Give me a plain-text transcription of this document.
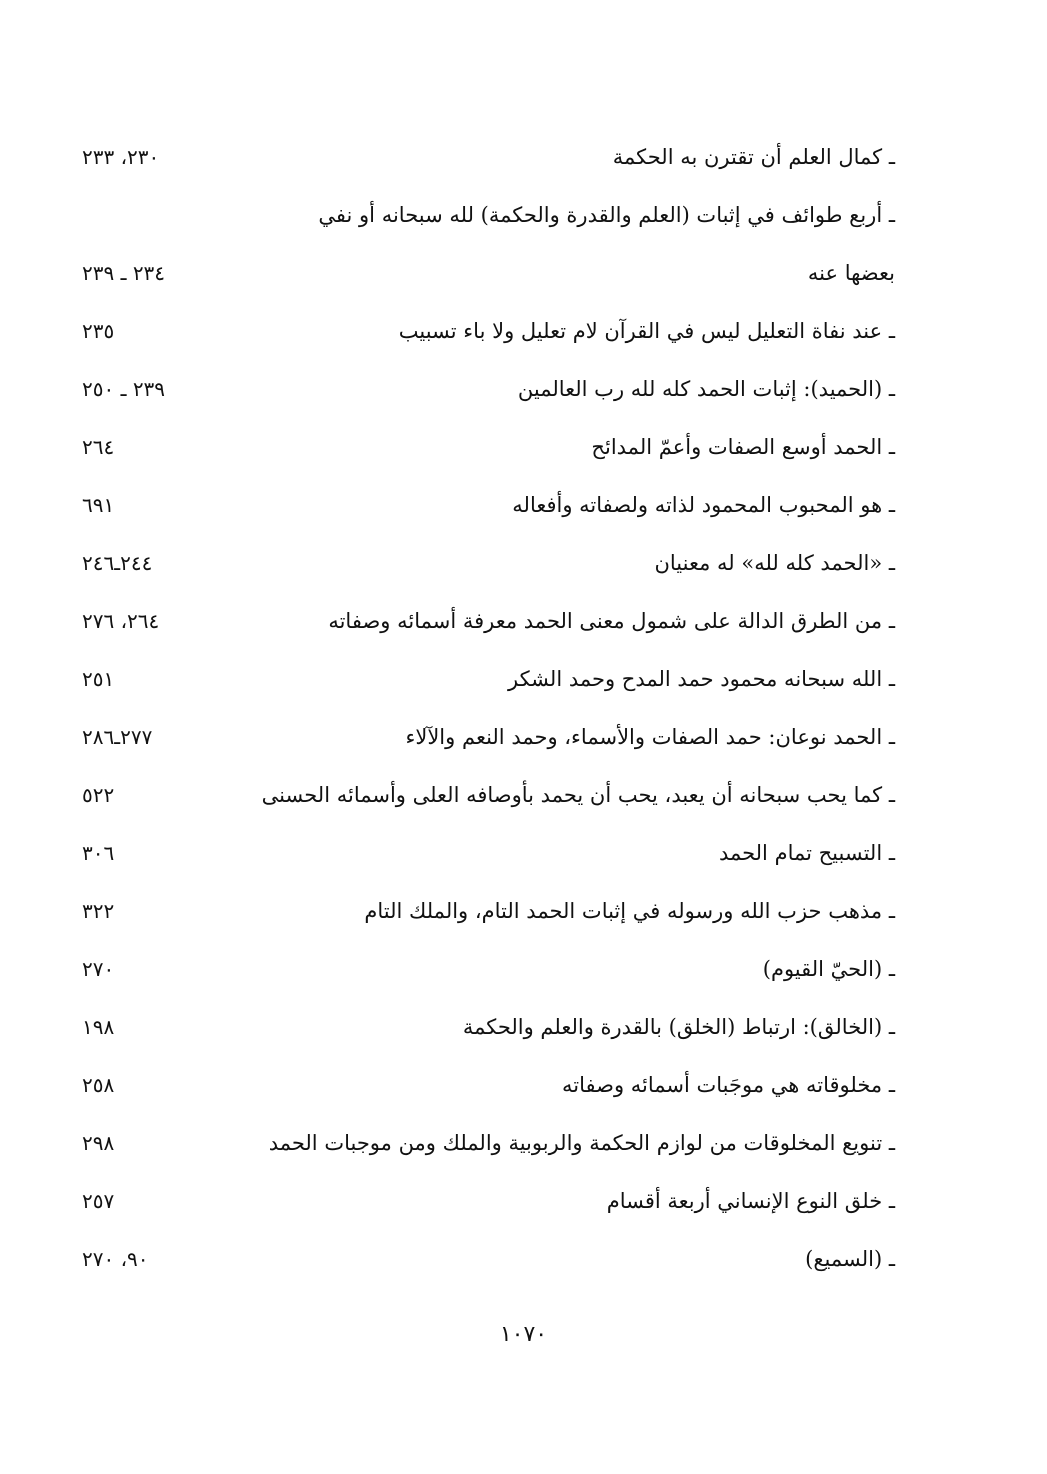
ـ كمال العلم أن تقترن به الحكمة
٢٣٠، ٢٣٣
ـ أربع طوائف في إثبات (العلم والقدرة والحكمة) لله سبحانه أو نفي
بعضها عنه
٢٣٤ ـ ٢٣٩
ـ عند نفاة التعليل ليس في القرآن لام تعليل ولا باء تسبيب
٢٣٥
ـ (الحميد): إثبات الحمد كله لله رب العالمين
٢٣٩ ـ ٢٥٠
ـ الحمد أوسع الصفات وأعمّ المدائح
٢٦٤
ـ هو المحبوب المحمود لذاته ولصفاته وأفعاله
٦٩١
ـ «الحمد كله لله» له معنيان
٢٤٤ـ٢٤٦
ـ من الطرق الدالة على شمول معنى الحمد معرفة أسمائه وصفاته
٢٦٤، ٢٧٦
ـ الله سبحانه محمود حمد المدح وحمد الشكر
٢٥١
ـ الحمد نوعان: حمد الصفات والأسماء، وحمد النعم والآلاء
٢٧٧ـ٢٨٦
ـ كما يحب سبحانه أن يعبد، يحب أن يحمد بأوصافه العلى وأسمائه الحسنى
٥٢٢
ـ التسبيح تمام الحمد
٣٠٦
ـ مذهب حزب الله ورسوله في إثبات الحمد التام، والملك التام
٣٢٢
ـ (الحيّ القيوم)
٢٧٠
ـ (الخالق): ارتباط (الخلق) بالقدرة والعلم والحكمة
١٩٨
ـ مخلوقاته هي موجَبات أسمائه وصفاته
٢٥٨
ـ تنويع المخلوقات من لوازم الحكمة والربوبية والملك ومن موجبات الحمد
٢٩٨
ـ خلق النوع الإنساني أربعة أقسام
٢٥٧
ـ (السميع)
٩٠، ٢٧٠
١٠٧٠
